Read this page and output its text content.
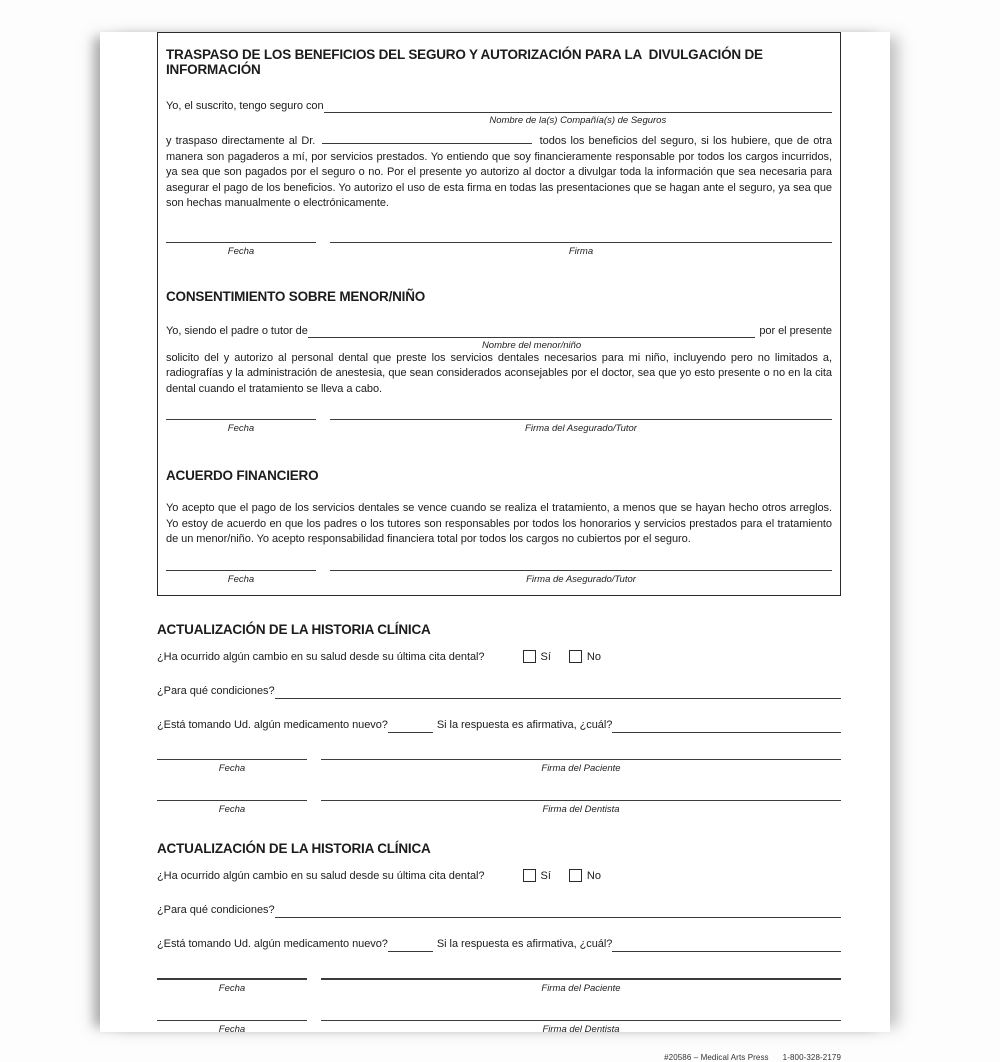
TRASPASO DE LOS BENEFICIOS DEL SEGURO Y AUTORIZACIÓN PARA LA  DIVULGACIÓN DE INFORMACIÓN
Yo, el suscrito, tengo seguro con
Nombre de la(s) Compañía(s) de Seguros

y traspaso directamente al Dr.	todos los beneficios del seguro, si los hubiere, que de otra manera son pagaderos a mí, por servicios prestados. Yo entiendo que soy financieramente responsable por todos los cargos incurridos, ya sea que son pagados por el seguro o no. Por el presente yo autorizo al doctor a divulgar toda la información que sea necesaria para asegurar el pago de los beneficios. Yo autorizo el uso de esta firma en todas las presentaciones que se hagan ante el seguro, ya sea que son hechas manualmente o electrónicamente.

Fecha	Firma
CONSENTIMIENTO SOBRE MENOR/NIÑO
Yo, siendo el padre o tutor de
Nombre del menor/niño
por el presente

solicito del y autorizo al personal dental que preste los servicios dentales necesarios para mi niño, incluyendo pero no limitados a, radiografías y la administración de anestesia, que sean considerados aconsejables por el doctor, sea que yo esto presente o no en la cita dental cuando el tratamiento se lleva a cabo.

Fecha	Firma del Asegurado/Tutor
ACUERDO FINANCIERO

Yo acepto que el pago de los servicios dentales se vence cuando se realiza el tratamiento, a menos que se hayan hecho otros arreglos. Yo estoy de acuerdo en que los padres o los tutores son responsables por todos los honorarios y servicios prestados para el tratamiento de un menor/niño. Yo acepto responsabilidad financiera total por todos los cargos no cubiertos por el seguro.

Fecha	Firma de Asegurado/Tutor
ACTUALIZACIÓN DE LA HISTORIA CLÍNICA
¿Ha ocurrido algún cambio en su salud desde su última cita dental?	Sí	No
¿Para qué condiciones?
¿Está tomando Ud. algún medicamento nuevo?	Si la respuesta es afirmativa, ¿cuál?
Fecha	Firma del Paciente
Fecha	Firma del Dentista
ACTUALIZACIÓN DE LA HISTORIA CLÍNICA
¿Ha ocurrido algún cambio en su salud desde su última cita dental?	Sí	No
¿Para qué condiciones?
¿Está tomando Ud. algún medicamento nuevo?	Si la respuesta es afirmativa, ¿cuál?
Fecha	Firma del Paciente
Fecha	Firma del Dentista
#20586 – Medical Arts Press 1-800-328-2179
